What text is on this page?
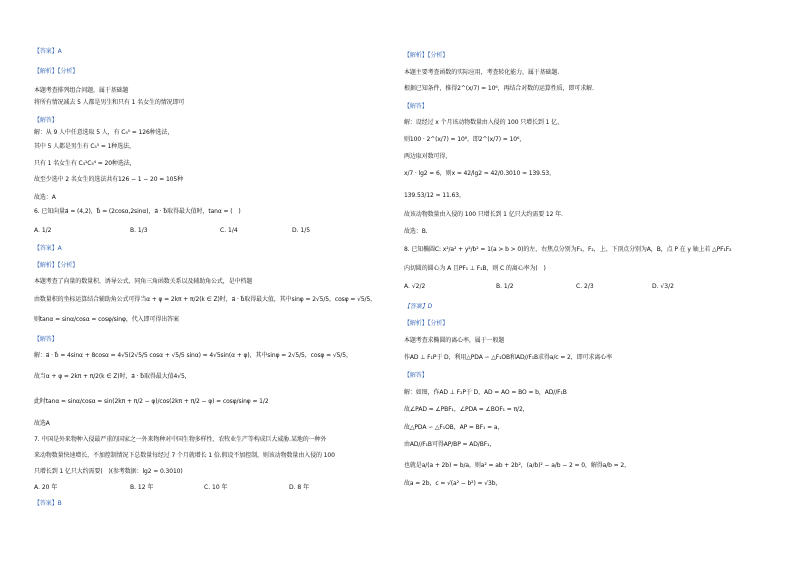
【答案】A
【解析】【分析】
本题考查排列组合问题，属于基础题
将所有情况减去 5 人都是男生和只有 1 名女生的情况即可
【解答】
解：从 9 人中任意选取 5 人，有 C₉⁵ = 126种选法，
其中 5 人都是男生有 C₅⁵ = 1种选法，
只有 1 名女生有 C₄¹C₅⁴ = 20种选法，
故至少选中 2 名女生的选法共有126 − 1 − 20 = 105种
故选：A
6. 已知向量a⃗ = (4,2)，b⃗ = (2cosα,2sinα)，a⃗ · b⃗取得最大值时，tanα = (　)
A. 1/2	B. 1/3	C. 1/4	D. 1/5
【答案】A
【解析】【分析】
本题考查了向量的数量积、诱导公式、同角三角函数关系以及辅助角公式，是中档题
由数量积的坐标运算结合辅助角公式可得当α + φ = 2kπ + π/2(k ∈ Z)时，a⃗ · b⃗取得最大值，其中sinφ = 2√5/5，cosφ = √5/5，
则tanα = sinα/cosα = cosφ/sinφ，代入即可得出答案
【解答】
解：a⃗ · b⃗ = 4sinα + 8cosα = 4√5(2√5/5 cosα + √5/5 sinα) = 4√5sin(α + φ)，其中sinφ = 2√5/5，cosφ = √5/5，
故当α + φ = 2kπ + π/2(k ∈ Z)时，a⃗ · b⃗取得最大值4√5，
此时tanα = sinα/cosα = sin(2kπ + π/2 − φ)/cos(2kπ + π/2 − φ) = cosφ/sinφ = 1/2
故选A
7. 中国是外来物种入侵最严重的国家之一外来物种对中国生物多样性、农牧业生产等构成巨大威胁.某地的一种外
来动物数量快速增长，不加控制情况下总数量每经过 7 个月就增长 1 倍.假设不加控制，则该动物数量由入侵的 100
只增长到 1 亿只大约需要(　)(参考数据：lg2 ≈ 0.3010)
A. 20 年	B. 12 年	C. 10 年	D. 8 年
【答案】B
【解析】【分析】
本题主要考查函数的实际应用，考查转化能力，属于基础题.
根据已知条件，推得2^(x/7) = 10⁶，再结合对数的运算性质，即可求解.
【解答】
解：设经过 x 个月该动物数量由入侵的 100 只增长到 1 亿，
则100 · 2^(x/7) = 10⁸，即2^(x/7) = 10⁶，
两边取对数可得，
x/7 · lg2 = 6，则x = 42/lg2 ≈ 42/0.3010 ≈ 139.53，
139.53/12 ≈ 11.63，
故该动物数量由入侵的 100 只增长到 1 亿只大约需要 12 年.
故选：B.
8. 已知椭圆C: x²/a² + y²/b² = 1(a > b > 0)的左、右焦点分别为F₁，F₂，上、下顶点分别为A，B，点 P 在 y 轴上若 △PF₁F₂
内切圆的圆心为 A 且PF₁ ⊥ F₁B，则 C 的离心率为(　)
A. √2/2	B. 1/2	C. 2/3	D. √3/2
【答案】D
【解析】【分析】
本题考查求椭圆的离心率，属于一般题
作AD ⊥ F₁P于 D，利用△PDA ∽ △F₁OB和AD//F₁B求得a/c = 2，即可求离心率
【解答】
解：如图，作AD ⊥ F₁P于 D，AD = AO = BO = b，AD//F₁B
故∠PAD = ∠PBF₁，∠PDA = ∠BOF₁ = π/2，
故△PDA ∽ △F₁OB，AP = BF₁ = a，
由AD//F₁B可得AP/BP = AD/BF₁，
也就是a/(a + 2b) = b/a，则a² = ab + 2b²，(a/b)² − a/b − 2 = 0，解得a/b = 2，
故a = 2b，c = √(a² − b²) = √3b，
